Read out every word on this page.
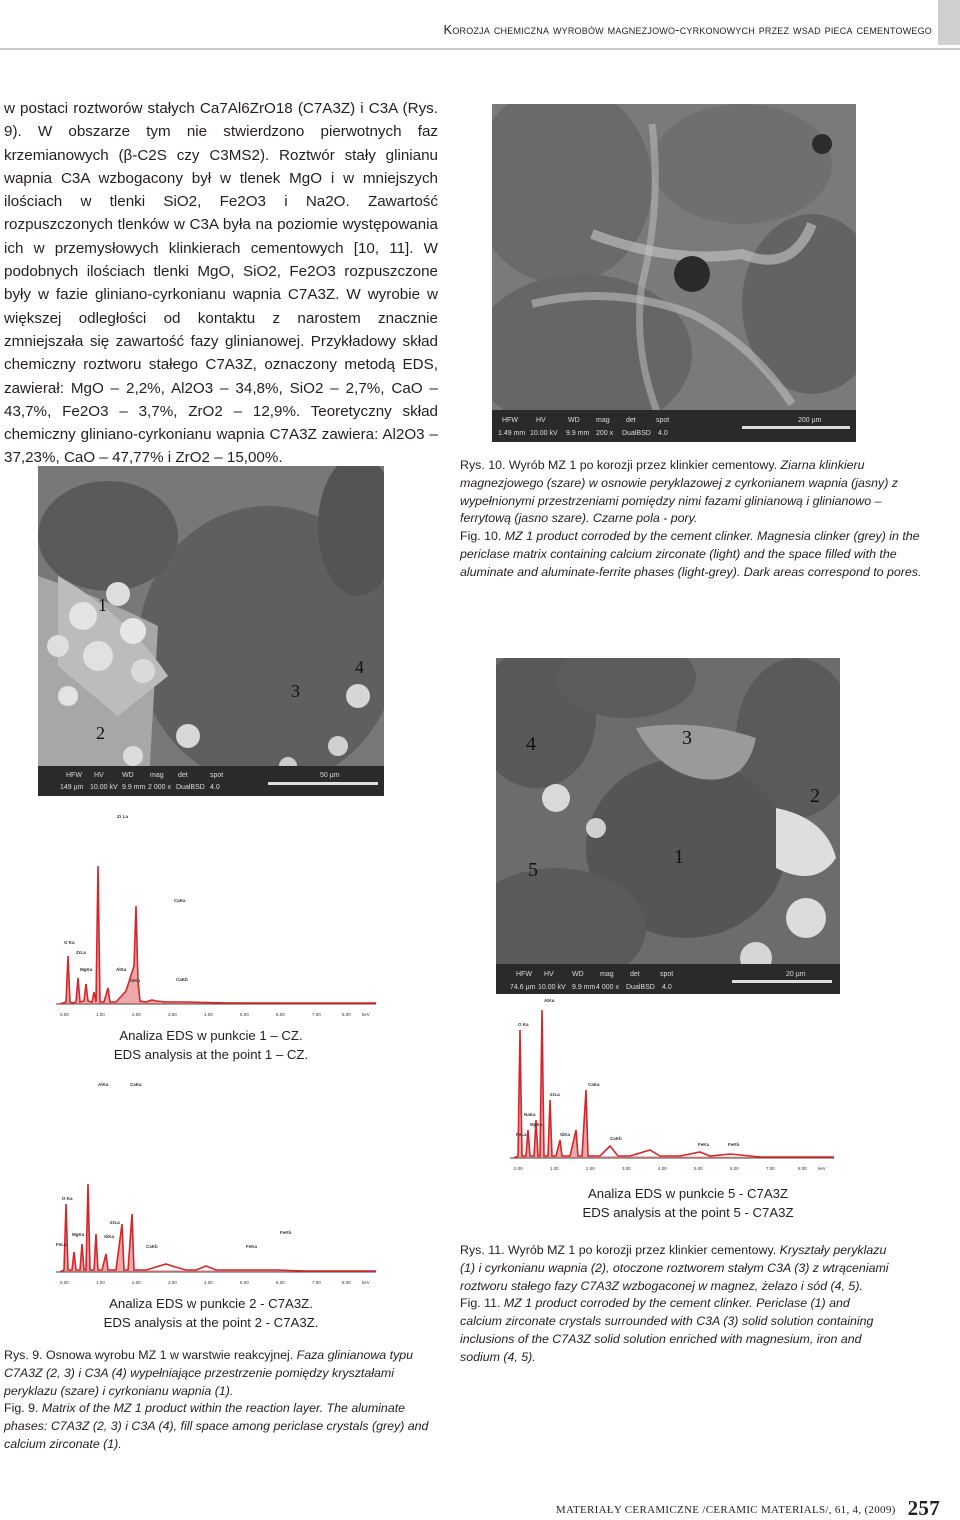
Korozja chemiczna wyrobów magnezjowo-cyrkonowych przez wsad pieca cementowego

w postaci roztworów stałych Ca7Al6ZrO18 (C7A3Z) i C3A (Rys. 9). W obszarze tym nie stwierdzono pierwotnych faz krzemianowych (β-C2S czy C3MS2). Roztwór stały glinianu wapnia C3A wzbogacony był w tlenek MgO i w mniejszych ilościach w tlenki SiO2, Fe2O3 i Na2O. Zawartość rozpuszczonych tlenków w C3A była na poziomie występowania ich w przemysłowych klinkierach cementowych [10, 11]. W podobnych ilościach tlenki MgO, SiO2, Fe2O3 rozpuszczone były w fazie gliniano-cyrkonianu wapnia C7A3Z. W wyrobie w większej odległości od kontaktu z narostem znacznie zmniejszała się zawartość fazy glinianowej. Przykładowy skład chemiczny roztworu stałego C7A3Z, oznaczony metodą EDS, zawierał: MgO – 2,2%, Al2O3 – 34,8%, SiO2 – 2,7%, CaO – 43,7%, Fe2O3 – 3,7%, ZrO2 – 12,9%. Teoretyczny skład chemiczny gliniano-cyrkonianu wapnia C7A3Z zawiera: Al2O3 – 37,23%, CaO – 47,77% i ZrO2 – 15,00%.

1
2
3
4
HFW HV	WD mag det	spot
149 µm 10.00 kV 9.9 mm 2 000 x DualBSD 4.0
50 µm
Zr La
O Ka
CaKa
ZrLa
MgKa	AlKa
CaKb
SiKa
0.00	1.00	2.00	3.00	4.00	5.00	6.00	7.00	8.00 keV
Analiza EDS w punkcie 1 – CZ.
EDS analysis at the point 1 – CZ.
O Ka
AlKa	CaKa
ZrLa
MgKa	SiKa
FeLa	CaKb	FeKa
FeKb
0.00	1.00	2.00	3.00	4.00	5.00	6.00	7.00	8.00 keV
Analiza EDS w punkcie 2 - C7A3Z.
EDS analysis at the point 2 - C7A3Z.
Rys. 9. Osnowa wyrobu MZ 1 w warstwie reakcyjnej. Faza glinianowa typu C7A3Z (2, 3) i C3A (4) wypełniające przestrzenie pomiędzy kryształami peryklazu (szare) i cyrkonianu wapnia (1).
Fig. 9. Matrix of the MZ 1 product within the reaction layer. The aluminate phases: C7A3Z (2, 3) i C3A (4), fill space among periclase crystals (grey) and calcium zirconate (1).
HFW	HV	WD mag det	spot
1.49 mm 10.00 kV 9.9 mm 200 x DualBSD 4.0
200 µm
Rys. 10. Wyrób MZ 1 po korozji przez klinkier cementowy. Ziarna klinkieru magnezjowego (szare) w osnowie peryklazowej z cyrkonianem wapnia (jasny) z wypełnionymi przestrzeniami pomiędzy nimi fazami glinianową i glinianowo – ferrytową (jasno szare). Czarne pola - pory.
Fig. 10. MZ 1 product corroded by the cement clinker. Magnesia clinker (grey) in the periclase matrix containing calcium zirconate (light) and the space filled with the aluminate and aluminate-ferrite phases (light-grey). Dark areas correspond to pores.
1
2
3
4
5
HFW HV	WD mag det	spot
74.6 µm 10.00 kV 9.9 mm 4 000 x DualBSD 4.0
20 µm
O Ka
AlKa
CaKa
ZrLa
NaKa
MgKa
FeLa	SiKa
CaKb
FeKa	FeKb
0.00	1.00	2.00	3.00	4.00	5.00	6.00	7.00	8.00 keV
Analiza EDS w punkcie 5 - C7A3Z
EDS analysis at the point 5 - C7A3Z
Rys. 11. Wyrób MZ 1 po korozji przez klinkier cementowy. Kryształy peryklazu (1) i cyrkonianu wapnia (2), otoczone roztworem stałym C3A (3) z wtrąceniami roztworu stałego fazy C7A3Z wzbogaconej w magnez, żelazo i sód (4, 5).
Fig. 11. MZ 1 product corroded by the cement clinker. Periclase (1) and calcium zirconate crystals surrounded with C3A (3) solid solution containing inclusions of the C7A3Z solid solution enriched with magnesium, iron and sodium (4, 5).
MATERIAŁY CERAMICZNE /CERAMIC MATERIALS/, 61, 4, (2009) 257
